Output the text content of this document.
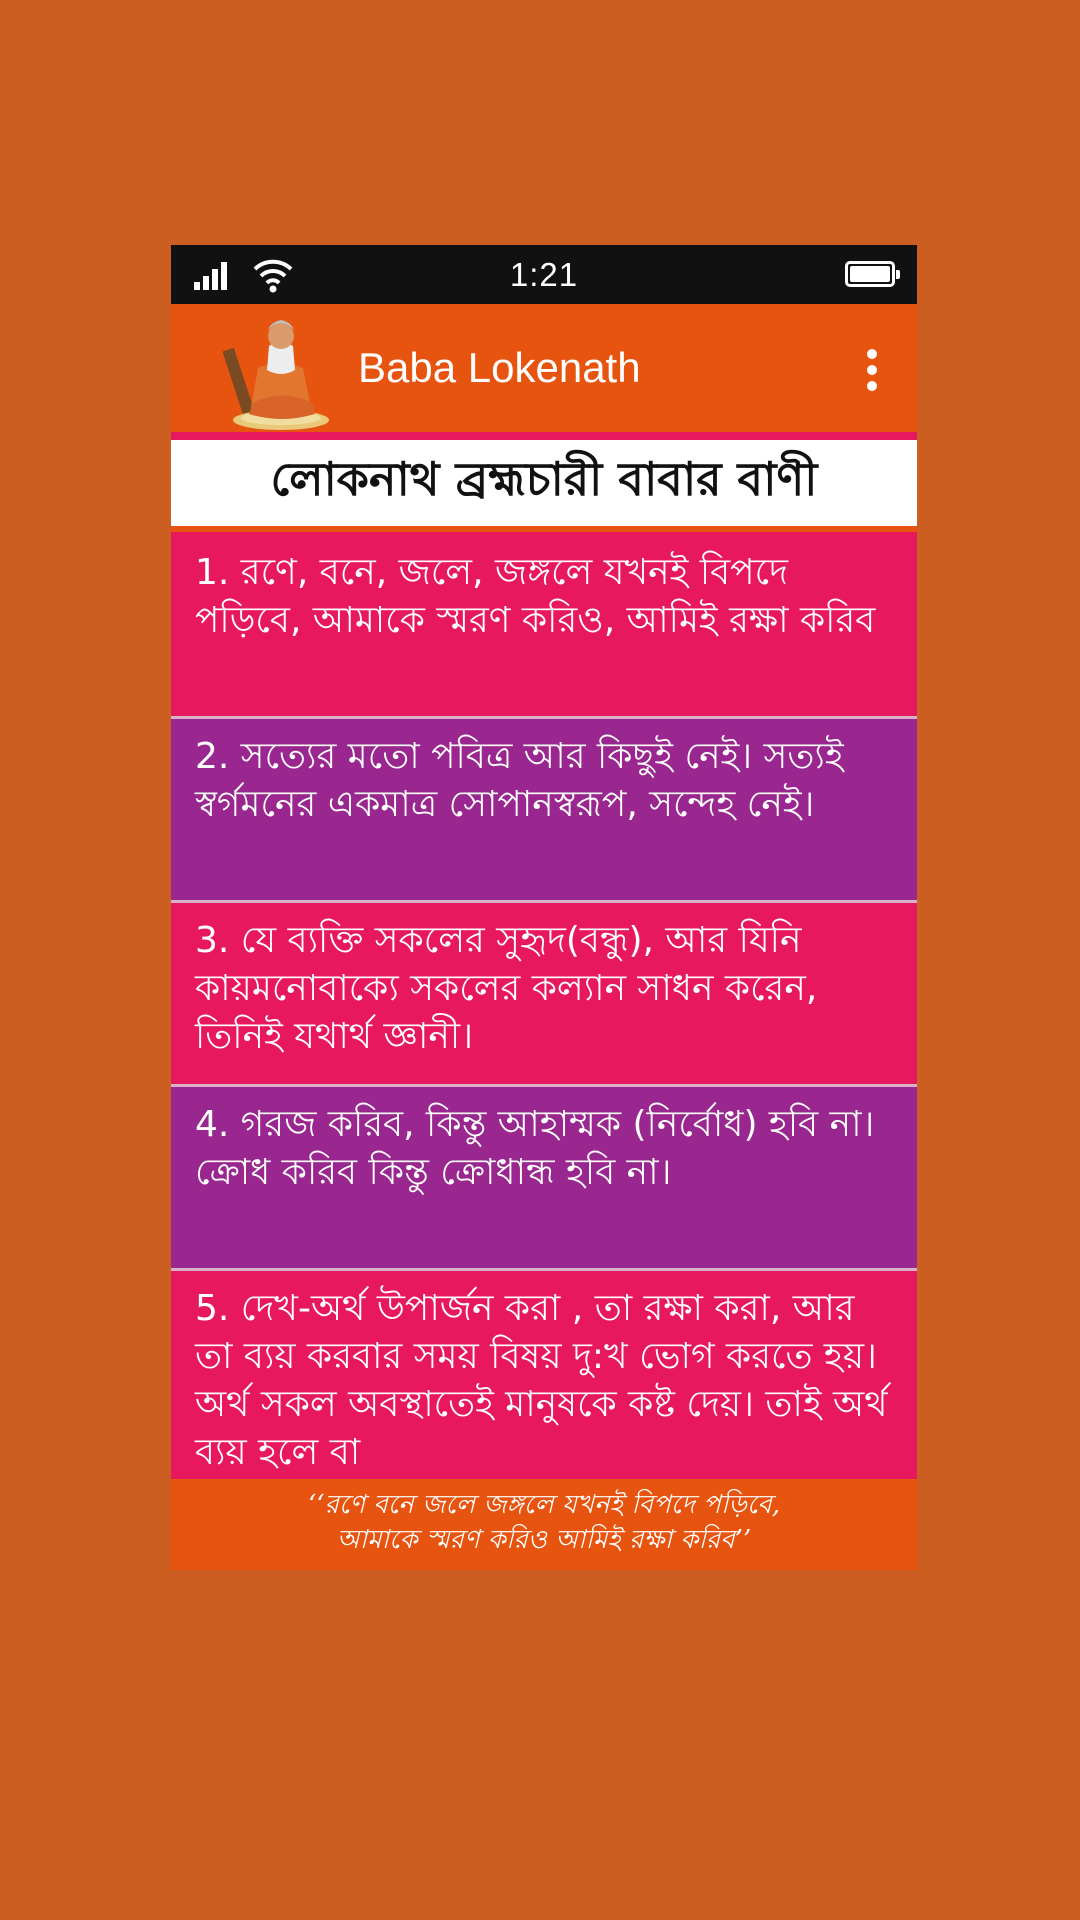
1:21
Baba Lokenath
লোকনাথ ব্রহ্মচারী বাবার বাণী
1. রণে, বনে, জলে, জঙ্গলে যখনই বিপদে পড়িবে, আমাকে স্মরণ করিও, আমিই রক্ষা করিব
2. সত্যের মতো পবিত্র আর কিছুই নেই। সত্যই স্বর্গমনের একমাত্র সোপানস্বরূপ, সন্দেহ নেই।
3. যে ব্যক্তি সকলের সুহৃদ(বন্ধু), আর যিনি কায়মনোবাক্যে সকলের কল্যান সাধন করেন, তিনিই যথার্থ জ্ঞানী।
4. গরজ করিব, কিন্তু আহাম্মক (নির্বোধ) হবি না। ক্রোধ করিব কিন্তু ক্রোধান্ধ হবি না।
5. দেখ-অর্থ উপার্জন করা , তা রক্ষা করা, আর তা ব্যয় করবার সময় বিষয় দু:খ ভোগ করতে হয়। অর্থ সকল অবস্থাতেই মানুষকে কষ্ট দেয়। তাই অর্থ ব্যয় হলে বা
‘‘রণে বনে জলে জঙ্গলে যখনই বিপদে পড়িবে,
আমাকে স্মরণ করিও আমিই রক্ষা করিব’’
